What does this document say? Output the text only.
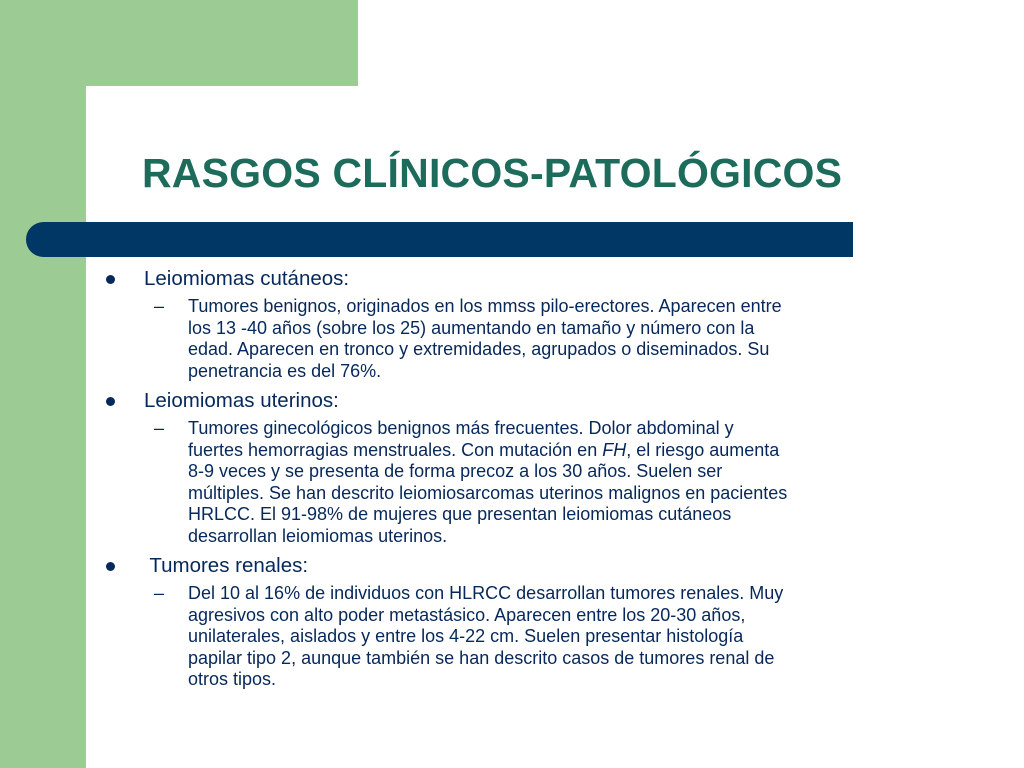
RASGOS CLÍNICOS-PATOLÓGICOS
Leiomiomas cutáneos:
– Tumores benignos, originados en los mmss pilo-erectores. Aparecen entre
los 13 -40 años (sobre los 25) aumentando en tamaño y número con la
edad. Aparecen en tronco y extremidades, agrupados o diseminados. Su
penetrancia es del 76%.
Leiomiomas uterinos:
– Tumores ginecológicos benignos más frecuentes. Dolor abdominal y
fuertes hemorragias menstruales. Con mutación en FH, el riesgo aumenta
8-9 veces y se presenta de forma precoz a los 30 años. Suelen ser
múltiples. Se han descrito leiomiosarcomas uterinos malignos en pacientes
HRLCC. El 91-98% de mujeres que presentan leiomiomas cutáneos
desarrollan leiomiomas uterinos.
Tumores renales:
– Del 10 al 16% de individuos con HLRCC desarrollan tumores renales. Muy
agresivos con alto poder metastásico. Aparecen entre los 20-30 años,
unilaterales, aislados y entre los 4-22 cm. Suelen presentar histología
papilar tipo 2, aunque también se han descrito casos de tumores renal de
otros tipos.
